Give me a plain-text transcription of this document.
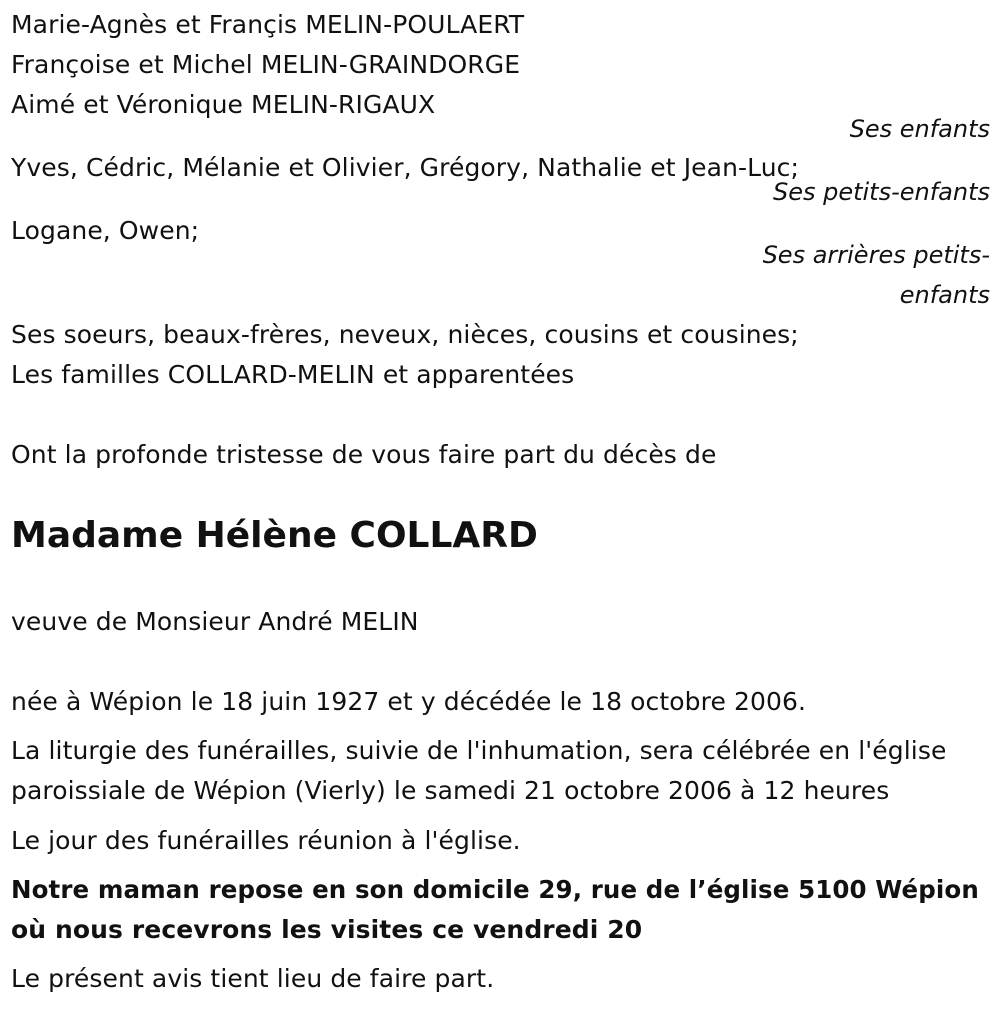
Marie-Agnès et Françis MELIN-POULAERT
Françoise et Michel MELIN-GRAINDORGE
Aimé et Véronique MELIN-RIGAUX
Ses enfants
Yves, Cédric, Mélanie et Olivier, Grégory, Nathalie et Jean-Luc;
Ses petits-enfants
Logane, Owen;
Ses arrières petits-
enfants
Ses soeurs, beaux-frères, neveux, nièces, cousins et cousines;
Les familles COLLARD-MELIN et apparentées
Ont la profonde tristesse de vous faire part du décès de
Madame Hélène COLLARD
veuve de Monsieur André MELIN
née à Wépion le 18 juin 1927 et y décédée le 18 octobre 2006.
La liturgie des funérailles, suivie de l'inhumation, sera célébrée en l'église
paroissiale de Wépion (Vierly) le samedi 21 octobre 2006 à 12 heures
Le jour des funérailles réunion à l'église.
Notre maman repose en son domicile 29, rue de l’église 5100 Wépion
où nous recevrons les visites ce vendredi 20
Le présent avis tient lieu de faire part.
